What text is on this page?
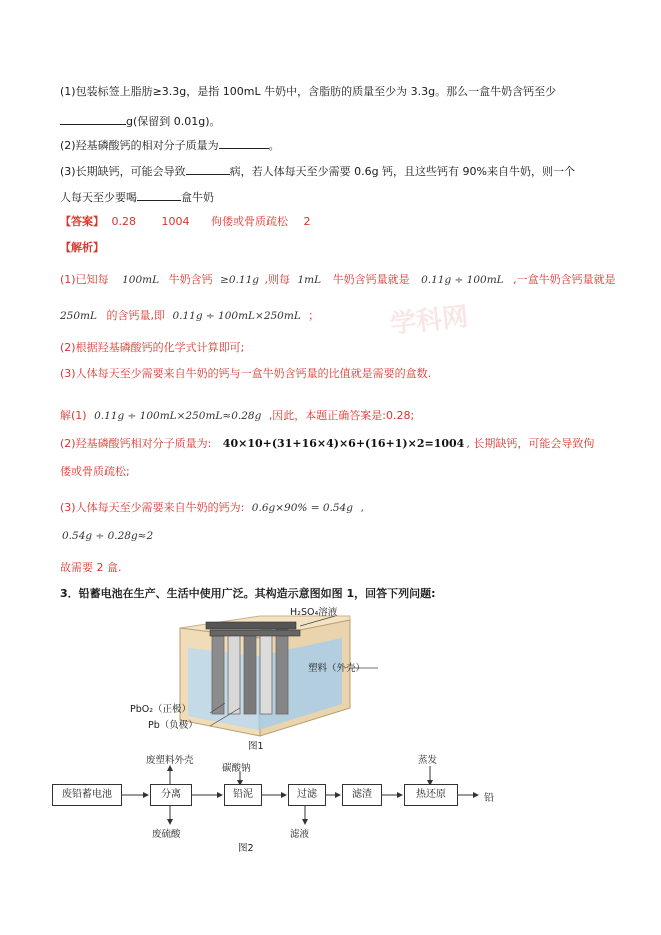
(1)包装标签上脂肪≥3.3g，是指 100mL 牛奶中，含脂肪的质量至少为 3.3g。那么一盒牛奶含钙至少
g(保留到 0.01g)。
(2)羟基磷酸钙的相对分子质量为	。
(3)长期缺钙，可能会导致	病，若人体每天至少需要 0.6g 钙，且这些钙有 90%来自牛奶，则一个
人每天至少要喝	盒牛奶
【答案】 0.28 1004 佝偻或骨质疏松 2
【解析】
学科网
(1)已知每 100mL 牛奶含钙 ≥0.11g ,则每 1mL 牛奶含钙量就是 0.11g ÷ 100mL ,一盒牛奶含钙量就是
250mL 的含钙量,即 0.11g ÷ 100mL×250mL ；
(2)根据羟基磷酸钙的化学式计算即可;
(3)人体每天至少需要来自牛奶的钙与一盒牛奶含钙量的比值就是需要的盒数.
解(1) 0.11g ÷ 100mL×250mL≈0.28g ,因此，本题正确答案是:0.28;
(2)羟基磷酸钙相对分子质量为: 40×10+(31+16×4)×6+(16+1)×2=1004 , 长期缺钙，可能会导致佝
偻或骨质疏松;
(3)人体每天至少需要来自牛奶的钙为: 0.6g×90% = 0.54g ,
0.54g ÷ 0.28g≈2
故需要 2 盒.
3．铅蓄电池在生产、生活中使用广泛。其构造示意图如图 1，回答下列问题:
H₂SO₄溶液
塑料（外壳）
PbO₂（正极）
Pb（负极）
图1
废铅蓄电池	分离	铅泥	过滤	滤渣	热还原
废塑料外壳
废硫酸
碳酸钠
滤液
蒸发
铅
图2
